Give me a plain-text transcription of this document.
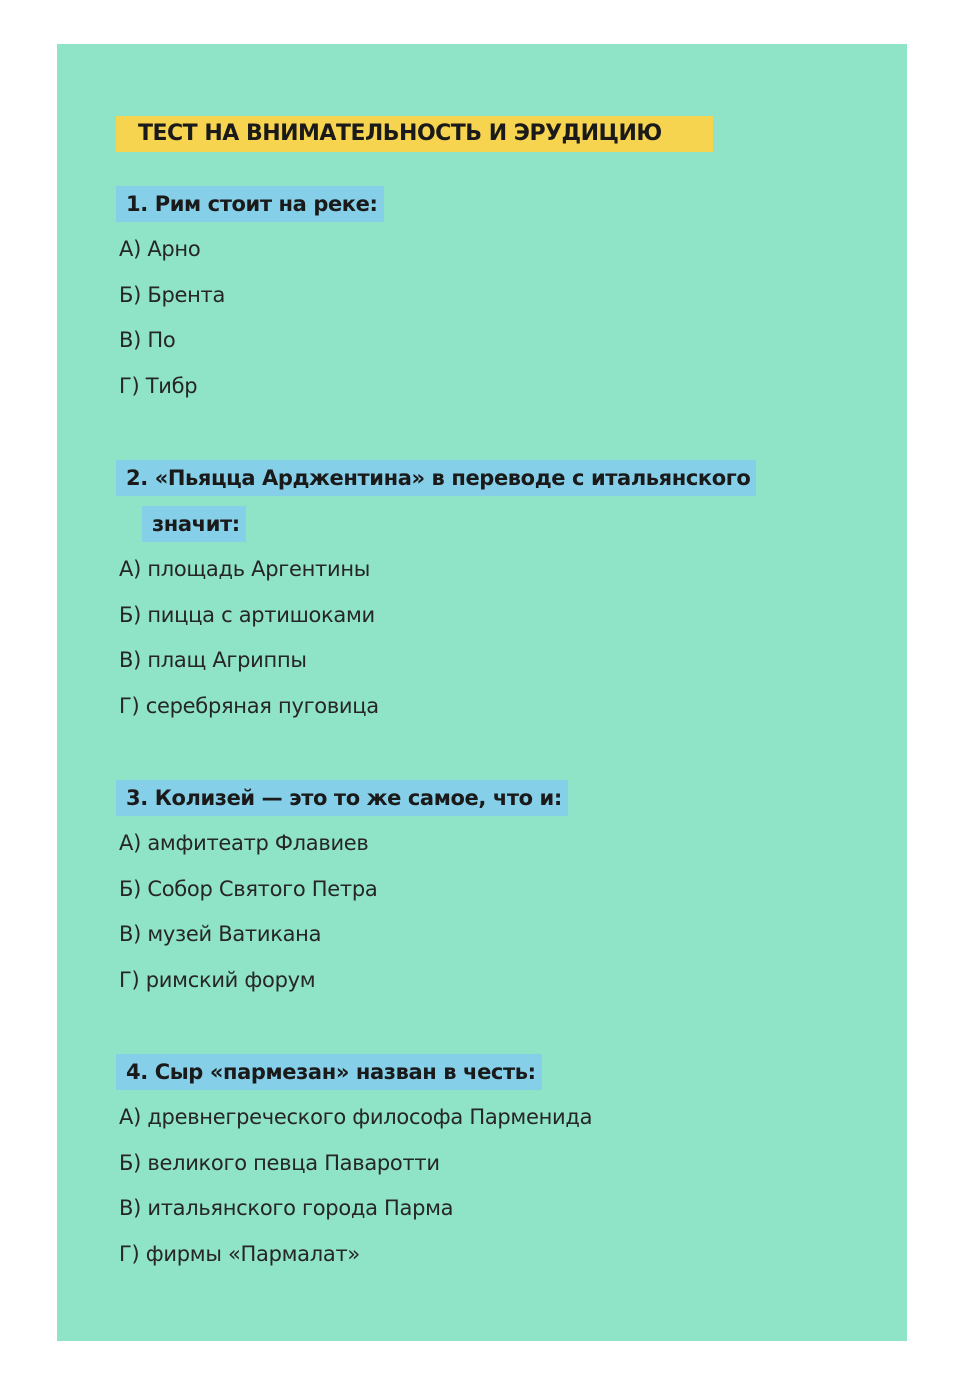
ТЕСТ НА ВНИМАТЕЛЬНОСТЬ И ЭРУДИЦИЮ
1. Рим стоит на реке:
А) Арно
Б) Брента
В) По
Г) Тибр
2. «Пьяцца Арджентина» в переводе с итальянского
значит:
А) площадь Аргентины
Б) пицца с артишоками
В) плащ Агриппы
Г) серебряная пуговица
3. Колизей — это то же самое, что и:
А) амфитеатр Флавиев
Б) Собор Святого Петра
В) музей Ватикана
Г) римский форум
4. Сыр «пармезан» назван в честь:
А) древнегреческого философа Парменида
Б) великого певца Паваротти
В) итальянского города Парма
Г) фирмы «Пармалат»
